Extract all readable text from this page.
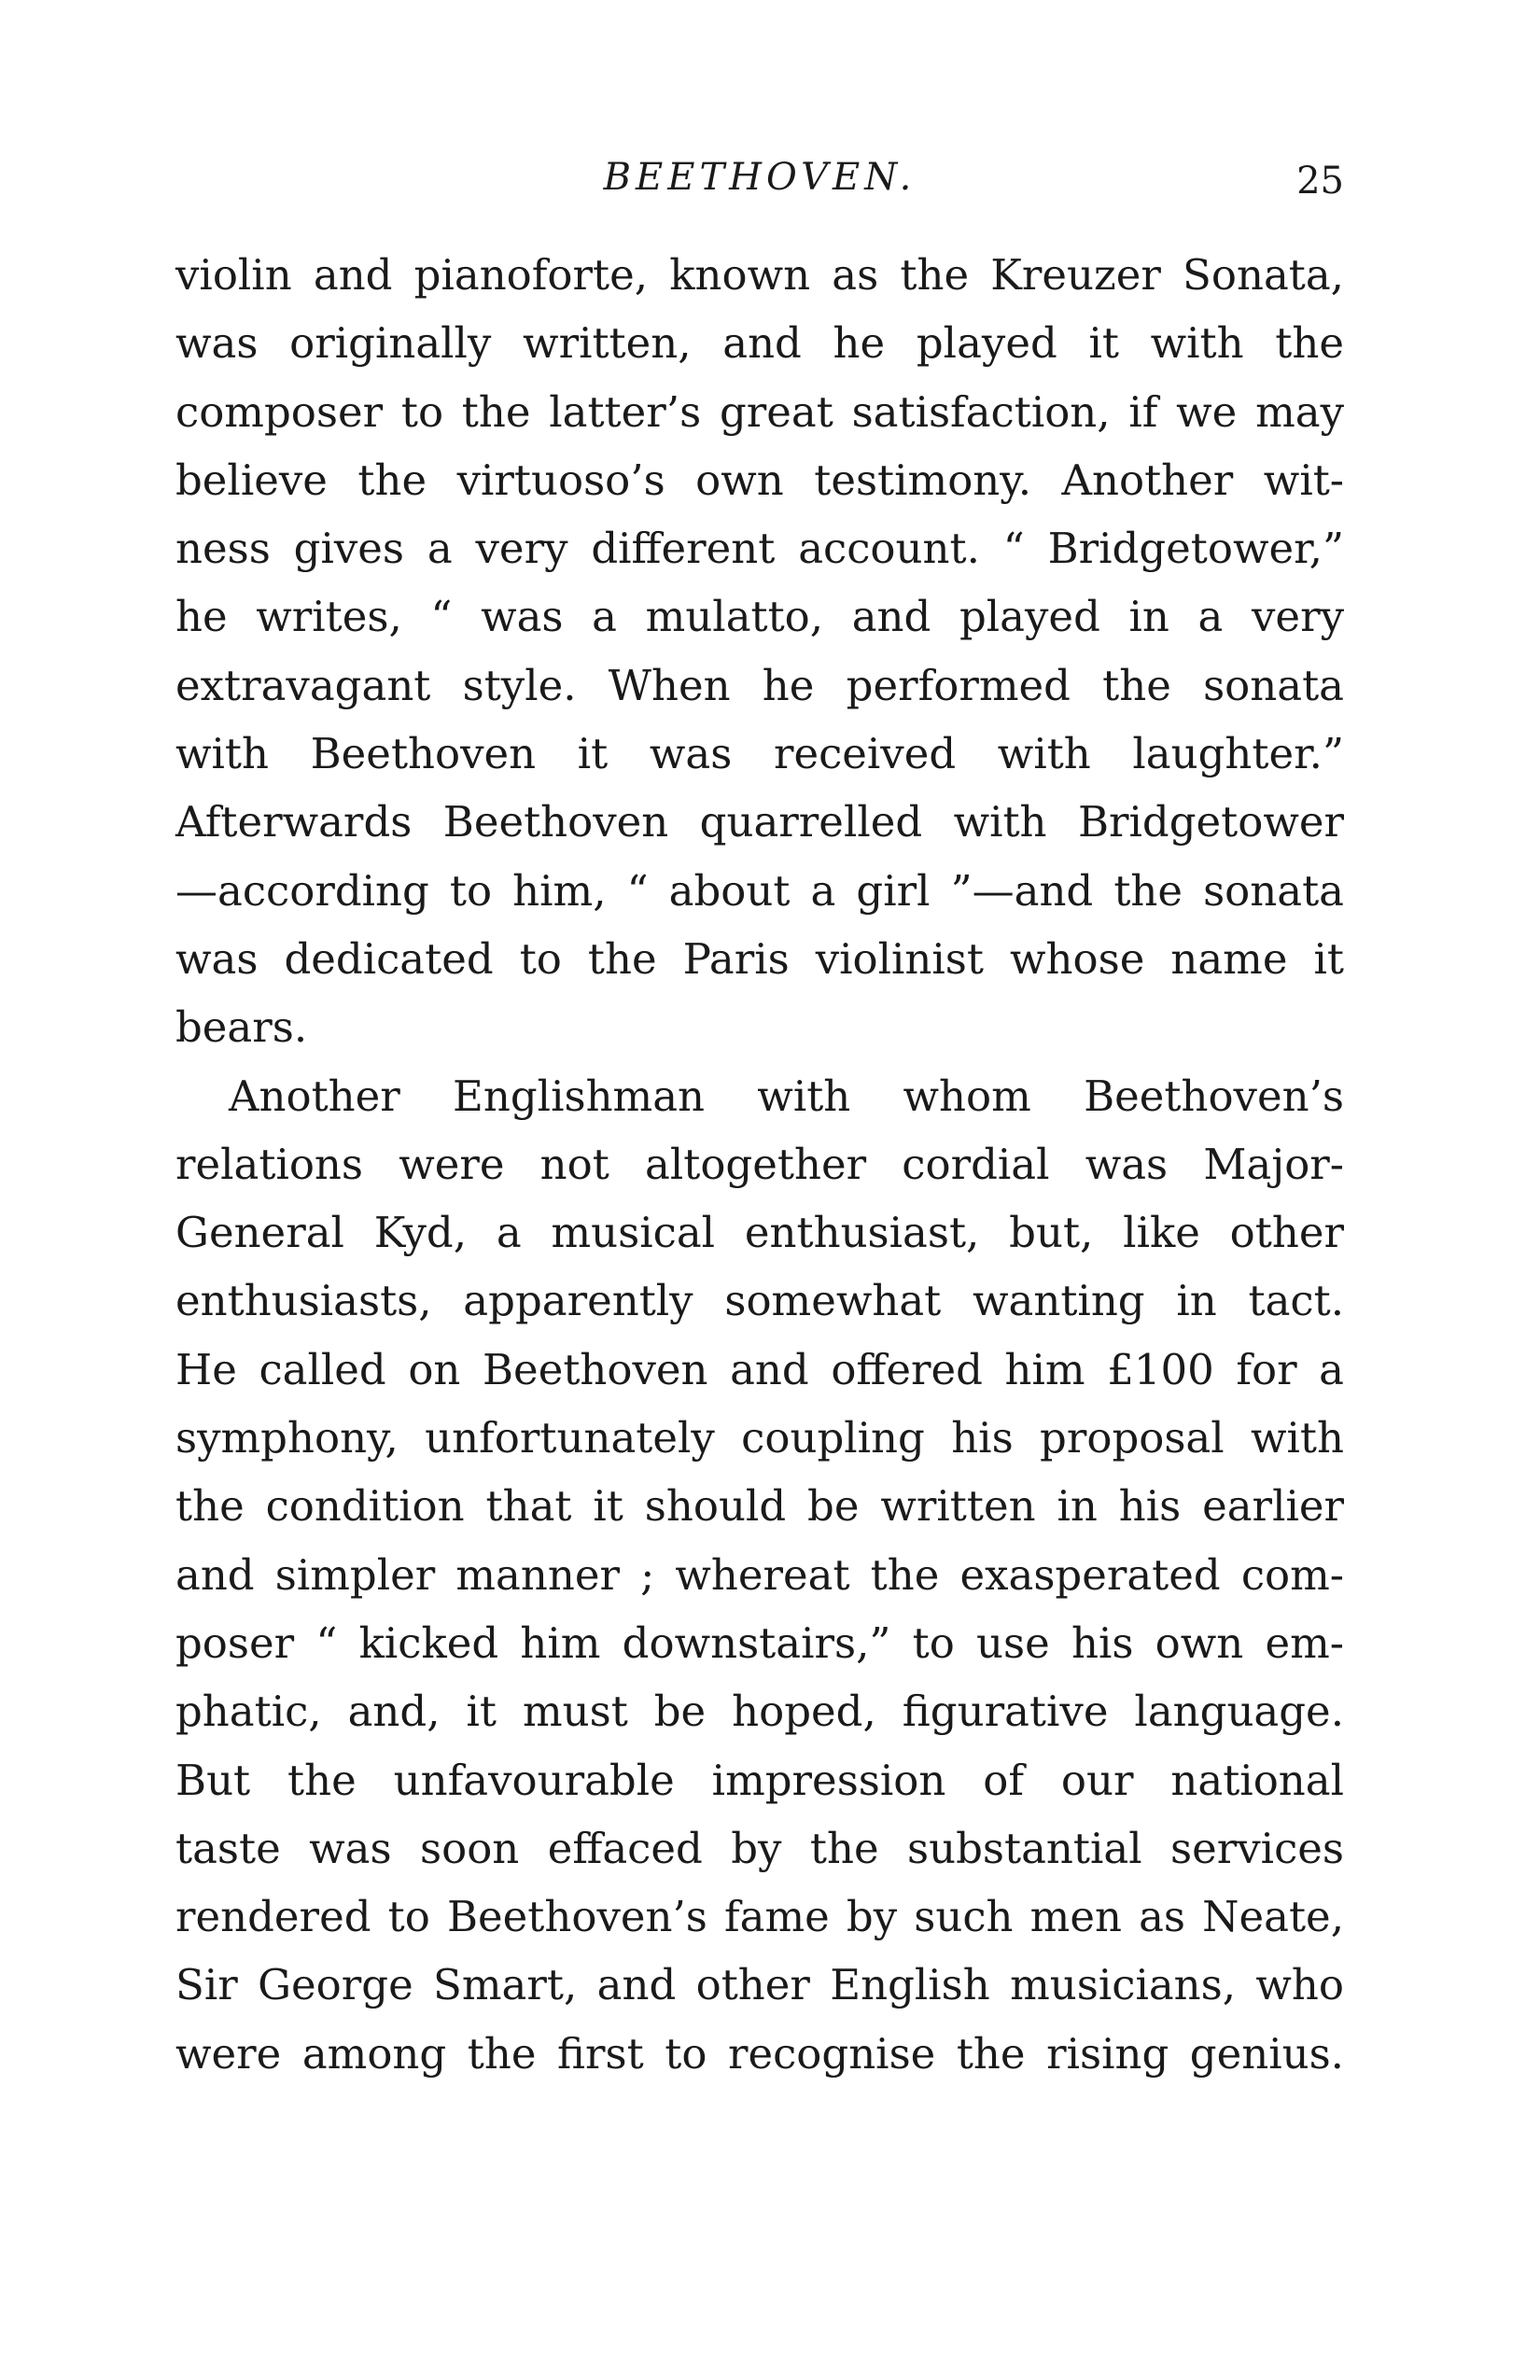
BEETHOVEN.	25
violin and pianoforte, known as the Kreuzer Sonata,
was originally written, and he played it with the
composer to the latter’s great satisfaction, if we may
believe the virtuoso’s own testimony. Another wit-
ness gives a very different account. “ Bridgetower,”
he writes, “ was a mulatto, and played in a very
extravagant style. When he performed the sonata
with Beethoven it was received with laughter.”
Afterwards Beethoven quarrelled with Bridgetower
—according to him, “ about a girl ”—and the sonata
was dedicated to the Paris violinist whose name it
bears.
Another Englishman with whom Beethoven’s
relations were not altogether cordial was Major-
General Kyd, a musical enthusiast, but, like other
enthusiasts, apparently somewhat wanting in tact.
He called on Beethoven and offered him £100 for a
symphony, unfortunately coupling his proposal with
the condition that it should be written in his earlier
and simpler manner ; whereat the exasperated com-
poser “ kicked him downstairs,” to use his own em-
phatic, and, it must be hoped, figurative language.
But the unfavourable impression of our national
taste was soon effaced by the substantial services
rendered to Beethoven’s fame by such men as Neate,
Sir George Smart, and other English musicians, who
were among the first to recognise the rising genius.
